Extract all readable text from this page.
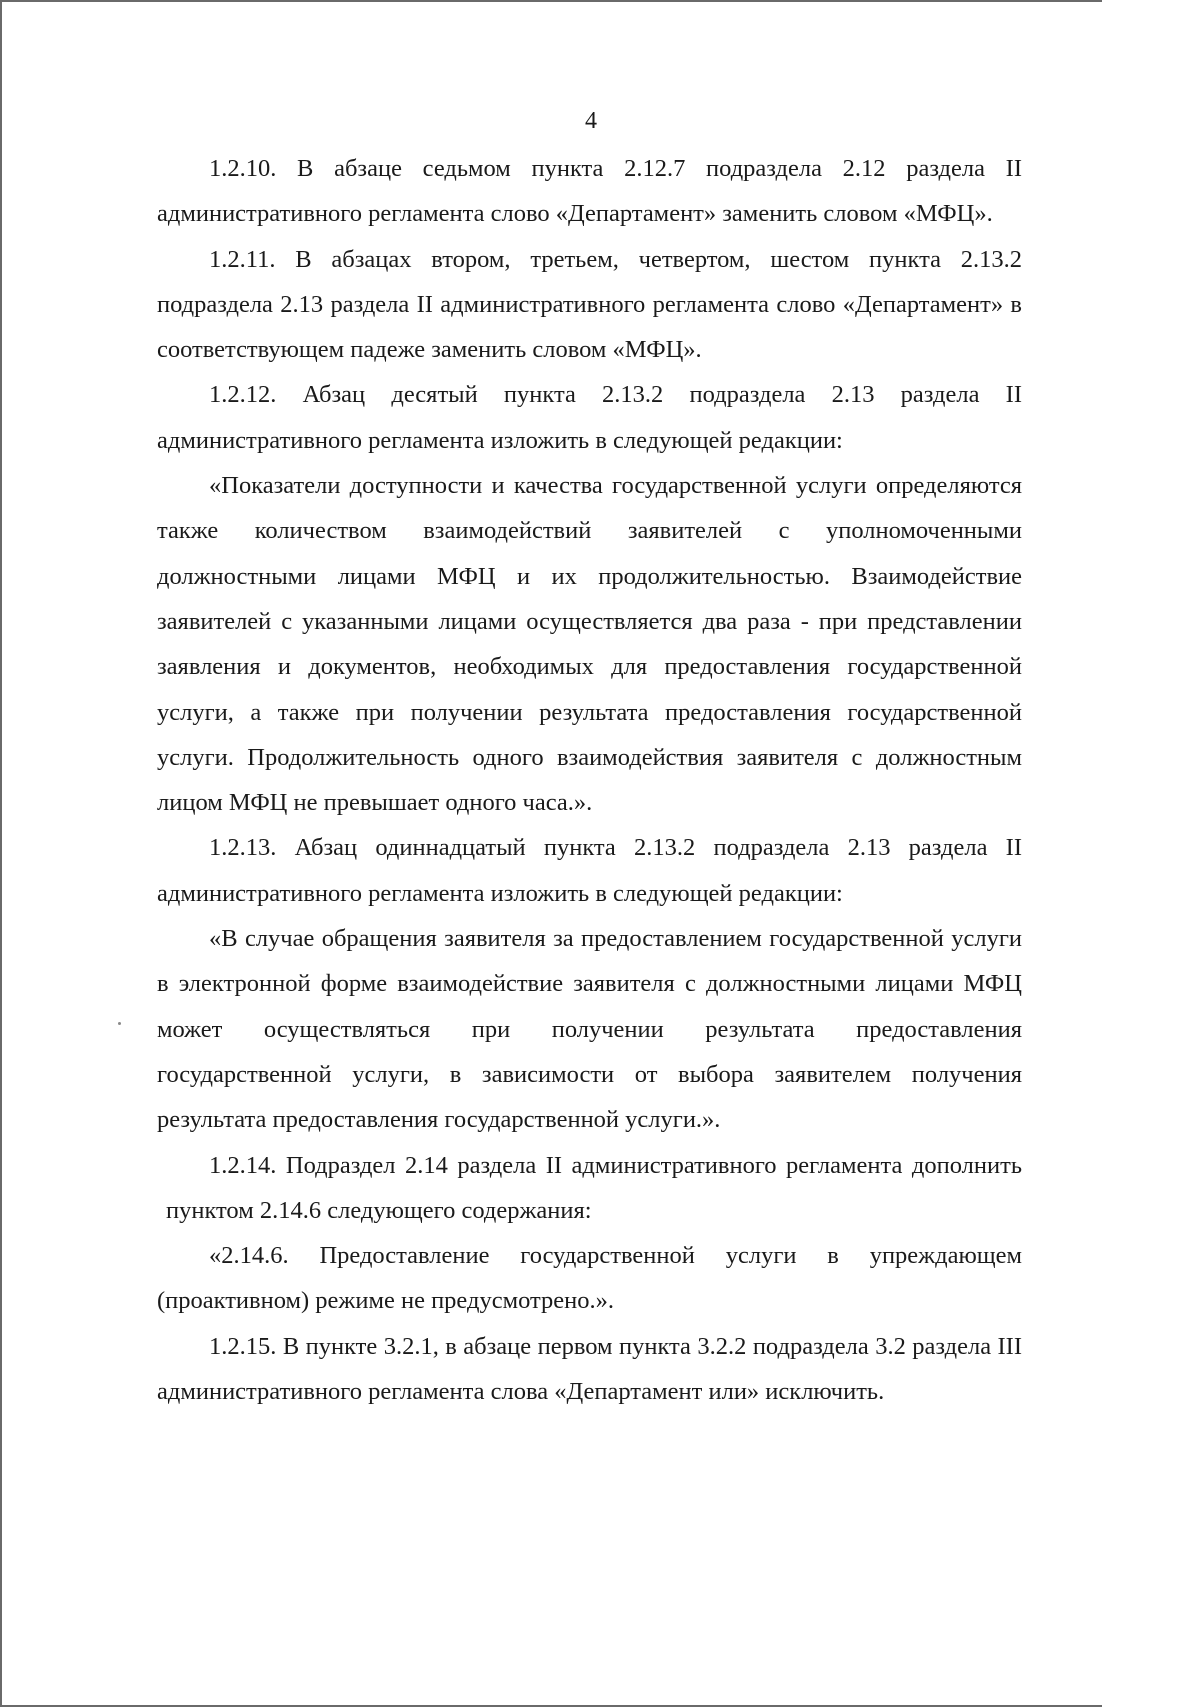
4

1.2.10. В абзаце седьмом пункта 2.12.7 подраздела 2.12 раздела II административного регламента слово «Департамент» заменить словом «МФЦ».

1.2.11. В абзацах втором, третьем, четвертом, шестом пункта 2.13.2 подраздела 2.13 раздела II административного регламента слово «Департамент» в соответствующем падеже заменить словом «МФЦ».

1.2.12. Абзац десятый пункта 2.13.2 подраздела 2.13 раздела II административного регламента изложить в следующей редакции:

«Показатели доступности и качества государственной услуги определяются также количеством взаимодействий заявителей с уполномоченными должностными лицами МФЦ и их продолжительностью. Взаимодействие заявителей с указанными лицами осуществляется два раза - при представлении заявления и документов, необходимых для предоставления государственной услуги, а также при получении результата предоставления государственной услуги. Продолжительность одного взаимодействия заявителя с должностным лицом МФЦ не превышает одного часа.».

1.2.13. Абзац одиннадцатый пункта 2.13.2 подраздела 2.13 раздела II административного регламента изложить в следующей редакции:

«В случае обращения заявителя за предоставлением государственной услуги в электронной форме взаимодействие заявителя с должностными лицами МФЦ может осуществляться при получении результата предоставления государственной услуги, в зависимости от выбора заявителем получения результата предоставления государственной услуги.».

1.2.14. Подраздел 2.14 раздела II административного регламента дополнить пунктом 2.14.6 следующего содержания:

«2.14.6. Предоставление государственной услуги в упреждающем (проактивном) режиме не предусмотрено.».

1.2.15. В пункте 3.2.1, в абзаце первом пункта 3.2.2 подраздела 3.2 раздела III административного регламента слова «Департамент или» исключить.
